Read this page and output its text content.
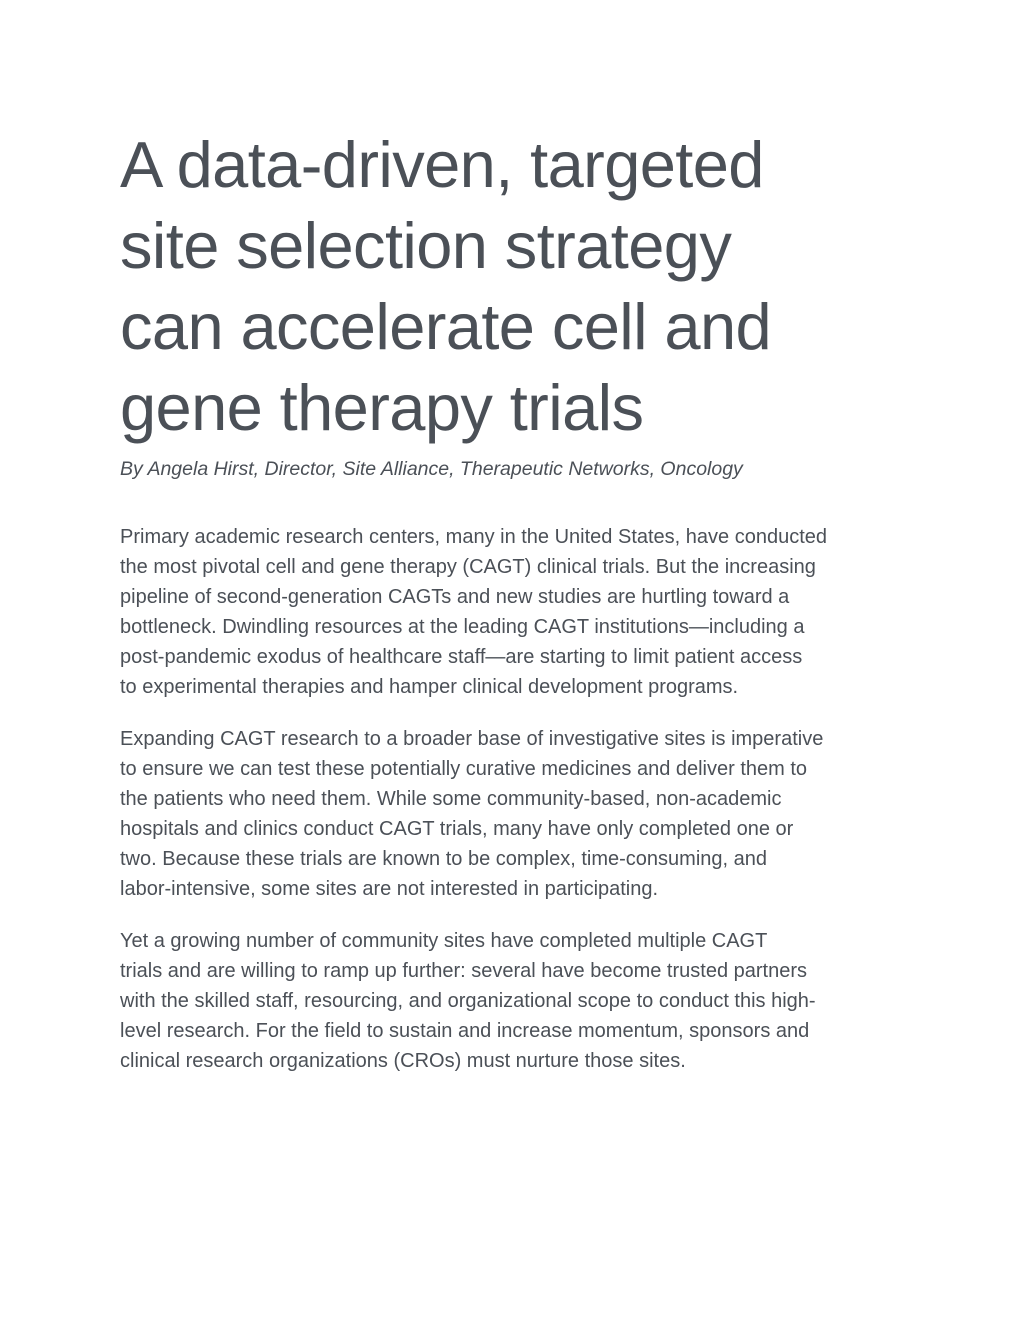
A data-driven, targeted
site selection strategy
can accelerate cell and
gene therapy trials

By Angela Hirst, Director, Site Alliance, Therapeutic Networks, Oncology

Primary academic research centers, many in the United States, have conducted
the most pivotal cell and gene therapy (CAGT) clinical trials. But the increasing
pipeline of second-generation CAGTs and new studies are hurtling toward a
bottleneck. Dwindling resources at the leading CAGT institutions—including a
post-pandemic exodus of healthcare staff—are starting to limit patient access
to experimental therapies and hamper clinical development programs.

Expanding CAGT research to a broader base of investigative sites is imperative
to ensure we can test these potentially curative medicines and deliver them to
the patients who need them. While some community-based, non-academic
hospitals and clinics conduct CAGT trials, many have only completed one or
two. Because these trials are known to be complex, time-consuming, and
labor-intensive, some sites are not interested in participating.

Yet a growing number of community sites have completed multiple CAGT
trials and are willing to ramp up further: several have become trusted partners
with the skilled staff, resourcing, and organizational scope to conduct this high-
level research. For the field to sustain and increase momentum, sponsors and
clinical research organizations (CROs) must nurture those sites.
